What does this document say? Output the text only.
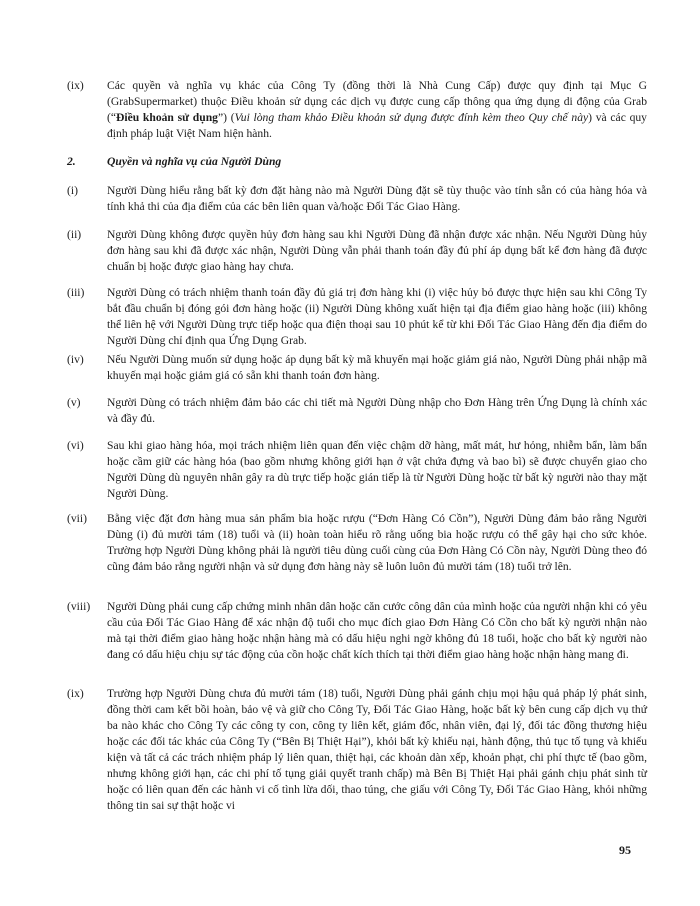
(ix)	Các quyền và nghĩa vụ khác của Công Ty (đồng thời là Nhà Cung Cấp) được quy định tại Mục G (GrabSupermarket) thuộc Điều khoản sử dụng các dịch vụ được cung cấp thông qua ứng dụng di động của Grab (“Điều khoản sử dụng”) (Vui lòng tham khảo Điều khoản sử dụng được đính kèm theo Quy chế này) và các quy định pháp luật Việt Nam hiện hành.
2.	Quyền và nghĩa vụ của Người Dùng
(i)	Người Dùng hiểu rằng bất kỳ đơn đặt hàng nào mà Người Dùng đặt sẽ tùy thuộc vào tính sẵn có của hàng hóa và tính khả thi của địa điểm của các bên liên quan và/hoặc Đối Tác Giao Hàng.
(ii)	Người Dùng không được quyền hủy đơn hàng sau khi Người Dùng đã nhận được xác nhận. Nếu Người Dùng hủy đơn hàng sau khi đã được xác nhận, Người Dùng vẫn phải thanh toán đầy đủ phí áp dụng bất kể đơn hàng đã được chuẩn bị hoặc được giao hàng hay chưa.
(iii)	Người Dùng có trách nhiệm thanh toán đầy đủ giá trị đơn hàng khi (i) việc hủy bỏ được thực hiện sau khi Công Ty bắt đầu chuẩn bị đóng gói đơn hàng hoặc (ii) Người Dùng không xuất hiện tại địa điểm giao hàng hoặc (iii) không thể liên hệ với Người Dùng trực tiếp hoặc qua điện thoại sau 10 phút kể từ khi Đối Tác Giao Hàng đến địa điểm do Người Dùng chỉ định qua Ứng Dụng Grab.
(iv)	Nếu Người Dùng muốn sử dụng hoặc áp dụng bất kỳ mã khuyến mại hoặc giảm giá nào, Người Dùng phải nhập mã khuyến mại hoặc giảm giá có sẵn khi thanh toán đơn hàng.
(v)	Người Dùng có trách nhiệm đảm bảo các chi tiết mà Người Dùng nhập cho Đơn Hàng trên Ứng Dụng là chính xác và đầy đủ.
(vi)	Sau khi giao hàng hóa, mọi trách nhiệm liên quan đến việc chậm dỡ hàng, mất mát, hư hỏng, nhiễm bẩn, làm bẩn hoặc cầm giữ các hàng hóa (bao gồm nhưng không giới hạn ở vật chứa đựng và bao bì) sẽ được chuyển giao cho Người Dùng dù nguyên nhân gây ra dù trực tiếp hoặc gián tiếp là từ Người Dùng hoặc từ bất kỳ người nào thay mặt Người Dùng.
(vii)	Bằng việc đặt đơn hàng mua sản phẩm bia hoặc rượu (“Đơn Hàng Có Cồn”), Người Dùng đảm bảo rằng Người Dùng (i) đủ mười tám (18) tuổi và (ii) hoàn toàn hiểu rõ rằng uống bia hoặc rượu có thể gây hại cho sức khỏe. Trường hợp Người Dùng không phải là người tiêu dùng cuối cùng của Đơn Hàng Có Cồn này, Người Dùng theo đó cũng đảm bảo rằng người nhận và sử dụng đơn hàng này sẽ luôn luôn đủ mười tám (18) tuổi trở lên.
(viii)	Người Dùng phải cung cấp chứng minh nhân dân hoặc căn cước công dân của mình hoặc của người nhận khi có yêu cầu của Đối Tác Giao Hàng để xác nhận độ tuổi cho mục đích giao Đơn Hàng Có Cồn cho bất kỳ người nhận nào mà tại thời điểm giao hàng hoặc nhận hàng mà có dấu hiệu nghi ngờ không đủ 18 tuổi, hoặc cho bất kỳ người nào đang có dấu hiệu chịu sự tác động của cồn hoặc chất kích thích tại thời điểm giao hàng hoặc nhận hàng mang đi.
(ix)	Trường hợp Người Dùng chưa đủ mười tám (18) tuổi, Người Dùng phải gánh chịu mọi hậu quả pháp lý phát sinh, đồng thời cam kết bồi hoàn, bảo vệ và giữ cho Công Ty, Đối Tác Giao Hàng, hoặc bất kỳ bên cung cấp dịch vụ thứ ba nào khác cho Công Ty các công ty con, công ty liên kết, giám đốc, nhân viên, đại lý, đối tác đồng thương hiệu hoặc các đối tác khác của Công Ty (“Bên Bị Thiệt Hại”), khỏi bất kỳ khiếu nại, hành động, thủ tục tố tụng và khiếu kiện và tất cả các trách nhiệm pháp lý liên quan, thiệt hại, các khoản dàn xếp, khoản phạt, chi phí thực tế (bao gồm, nhưng không giới hạn, các chi phí tố tụng giải quyết tranh chấp) mà Bên Bị Thiệt Hại phải gánh chịu phát sinh từ hoặc có liên quan đến các hành vi cố tình lừa dối, thao túng, che giấu với Công Ty, Đối Tác Giao Hàng, khỏi những thông tin sai sự thật hoặc vi
95
